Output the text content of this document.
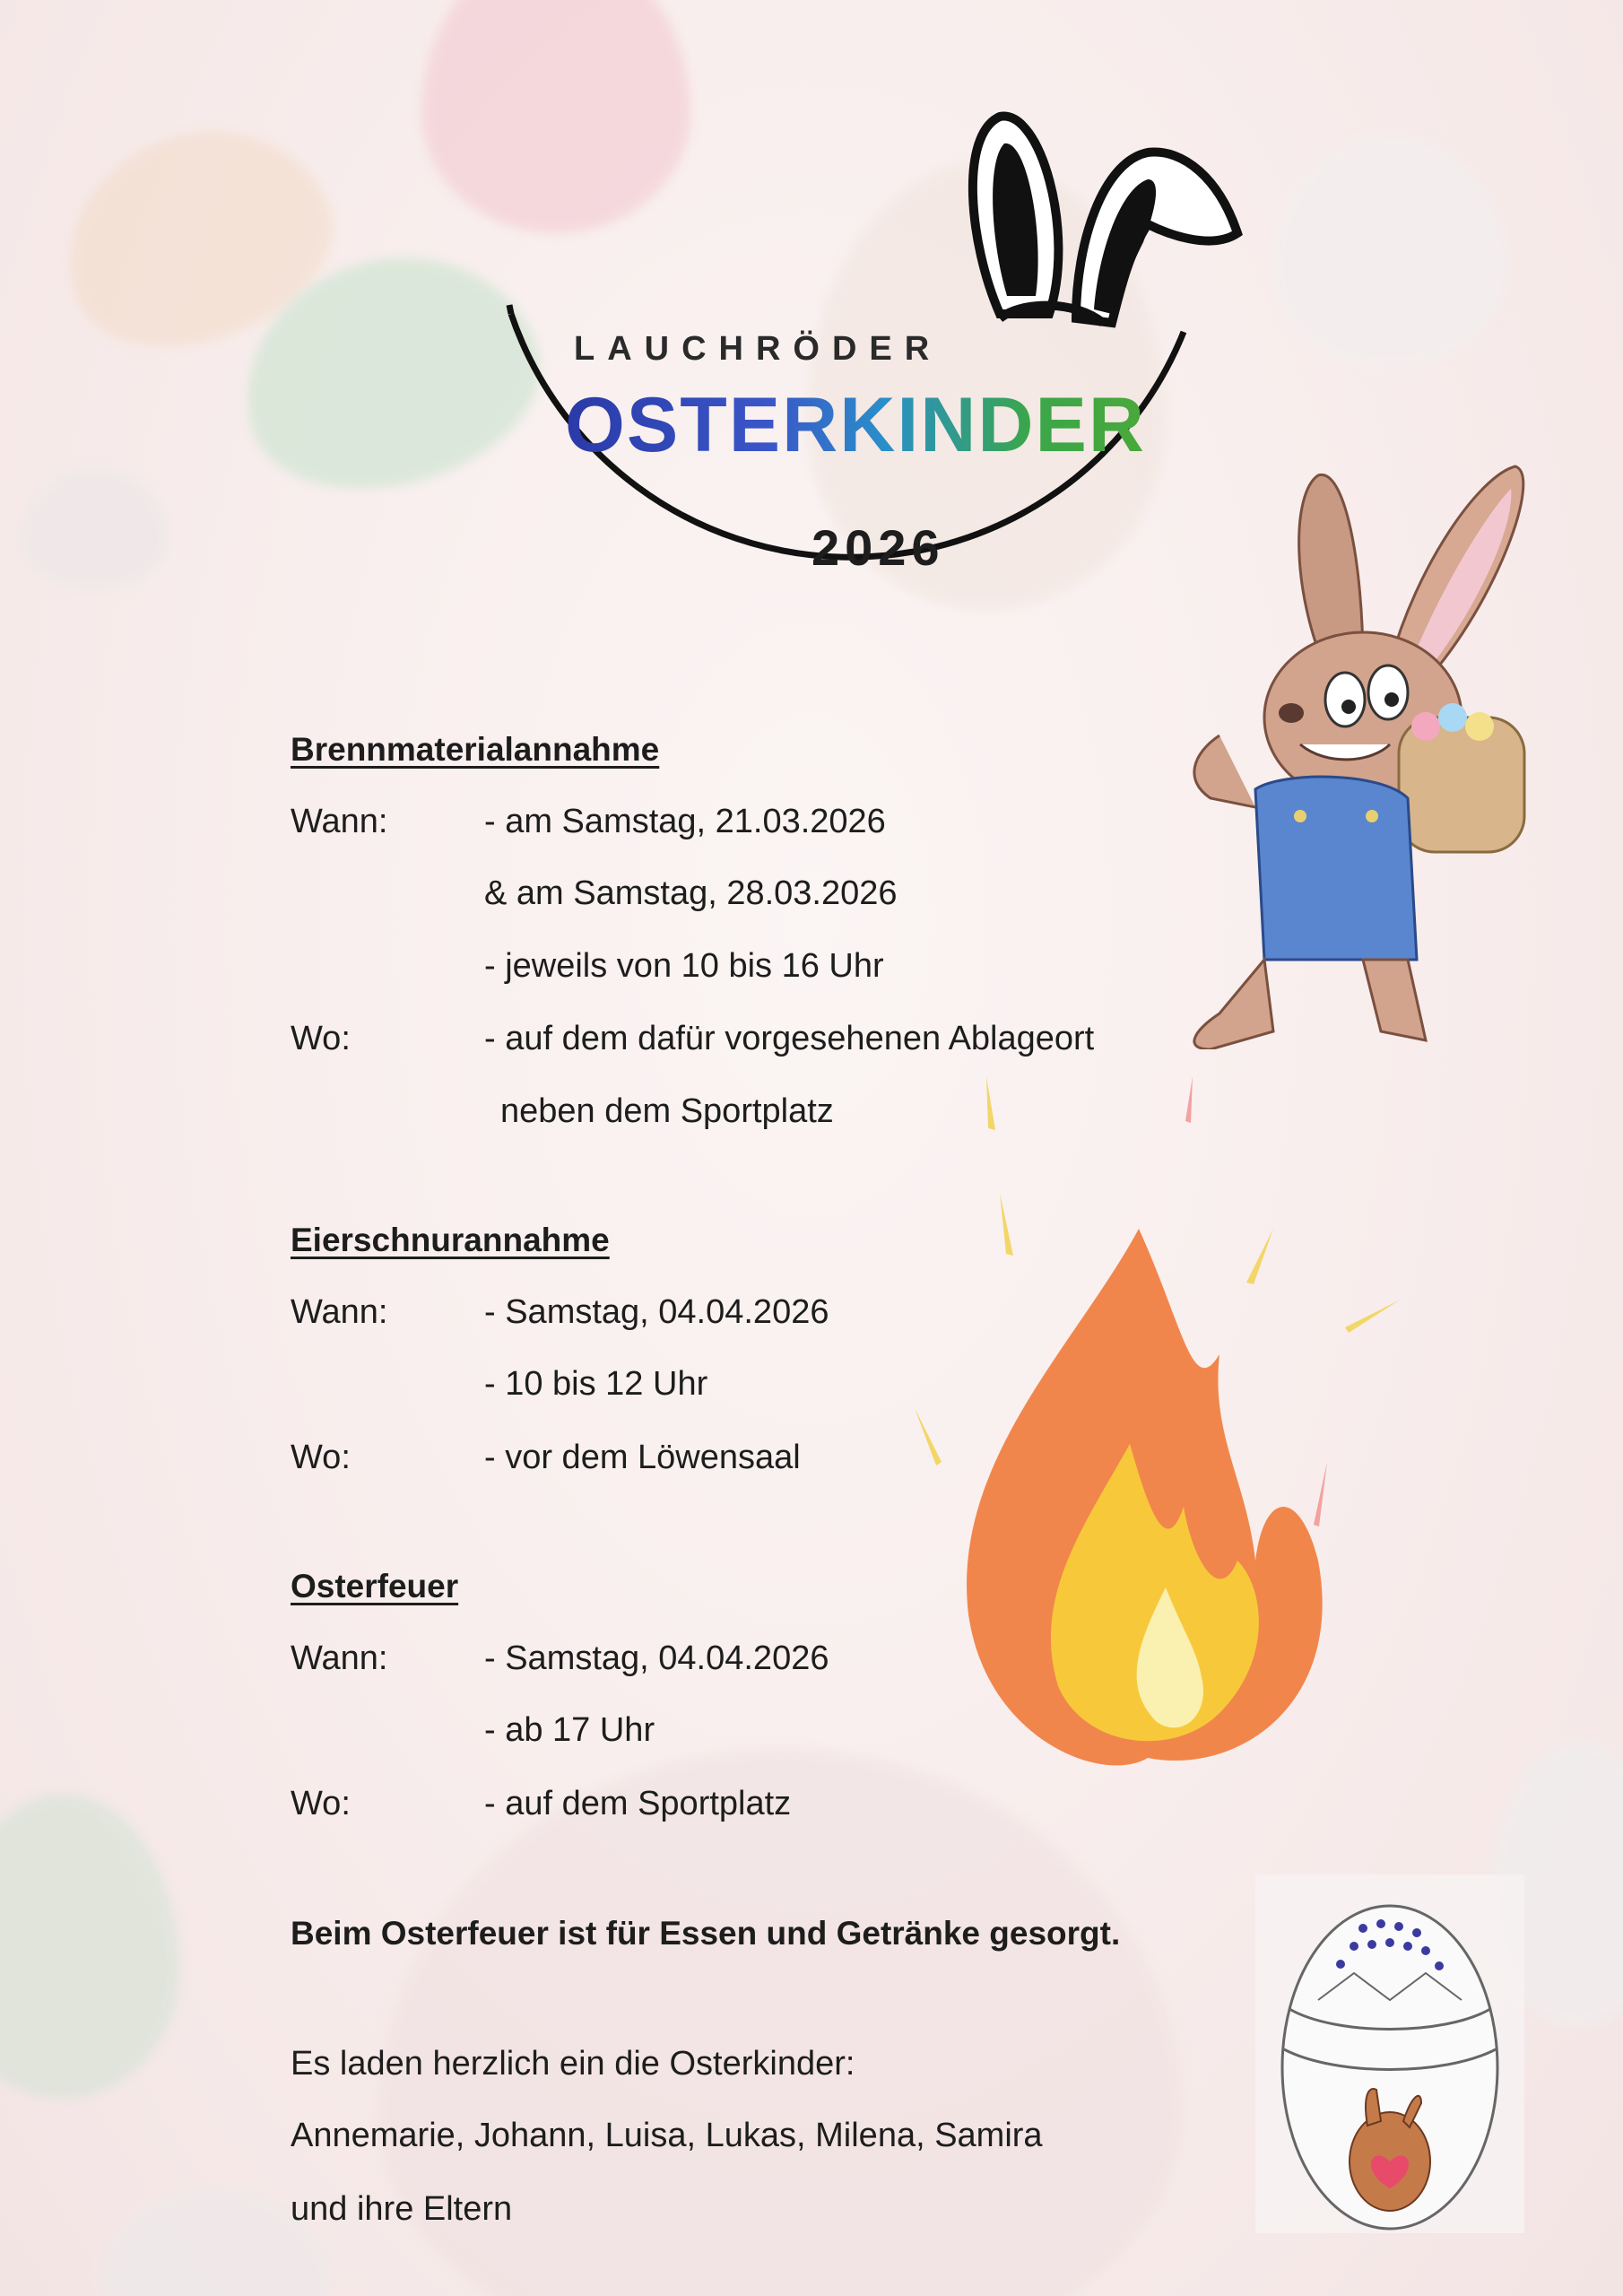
LAUCHRÖDER
OSTERKINDER
2026
Brennmaterialannahme
Wann:	- am Samstag, 21.03.2026
& am Samstag, 28.03.2026
- jeweils von 10 bis 16 Uhr
Wo:	- auf dem dafür vorgesehenen Ablageort
neben dem Sportplatz
Eierschnurannahme
Wann:	- Samstag, 04.04.2026
- 10 bis 12 Uhr
Wo:	- vor dem Löwensaal
Osterfeuer
Wann:	- Samstag, 04.04.2026
- ab 17 Uhr
Wo:	- auf dem Sportplatz
Beim Osterfeuer ist für Essen und Getränke gesorgt.
Es laden herzlich ein die Osterkinder:
Annemarie, Johann, Luisa, Lukas, Milena, Samira
und ihre Eltern
